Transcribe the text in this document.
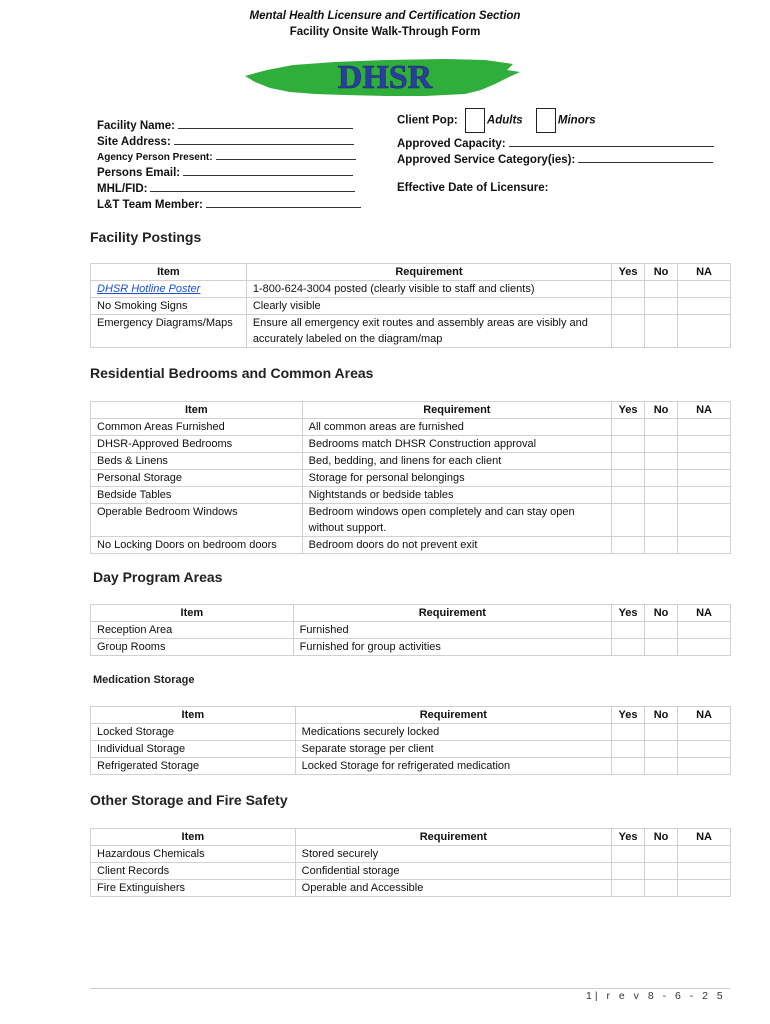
Mental Health Licensure and Certification Section
Facility Onsite Walk-Through Form
DHSR
Facility Name:
Site Address:
Agency Person Present:
Persons Email:
MHL/FID:
L&T Team Member:
Client Pop:	Adults	Minors
Approved Capacity:
Approved Service Category(ies):
Effective Date of Licensure:
Facility Postings
Item	Requirement	Yes	No	NA
DHSR Hotline Poster	1-800-624-3004 posted (clearly visible to staff and clients)			
No Smoking Signs	Clearly visible			
Emergency Diagrams/Maps	Ensure all emergency exit routes and assembly areas are visibly and accurately labeled on the diagram/map			
Residential Bedrooms and Common Areas
Item	Requirement	Yes	No	NA
Common Areas Furnished	All common areas are furnished			
DHSR-Approved Bedrooms	Bedrooms match DHSR Construction approval			
Beds & Linens	Bed, bedding, and linens for each client			
Personal Storage	Storage for personal belongings			
Bedside Tables	Nightstands or bedside tables			
Operable Bedroom Windows	Bedroom windows open completely and can stay open without support.			
No Locking Doors on bedroom doors	Bedroom doors do not prevent exit			
Day Program Areas
Item	Requirement	Yes	No	NA
Reception Area	Furnished			
Group Rooms	Furnished for group activities			
Medication Storage
Item	Requirement	Yes	No	NA
Locked Storage	Medications securely locked			
Individual Storage	Separate storage per client			
Refrigerated Storage	Locked Storage for refrigerated medication			
Other Storage and Fire Safety
Item	Requirement	Yes	No	NA
Hazardous Chemicals	Stored securely			
Client Records	Confidential storage			
Fire Extinguishers	Operable and Accessible			
1| r e v 8 - 6 - 2 5
